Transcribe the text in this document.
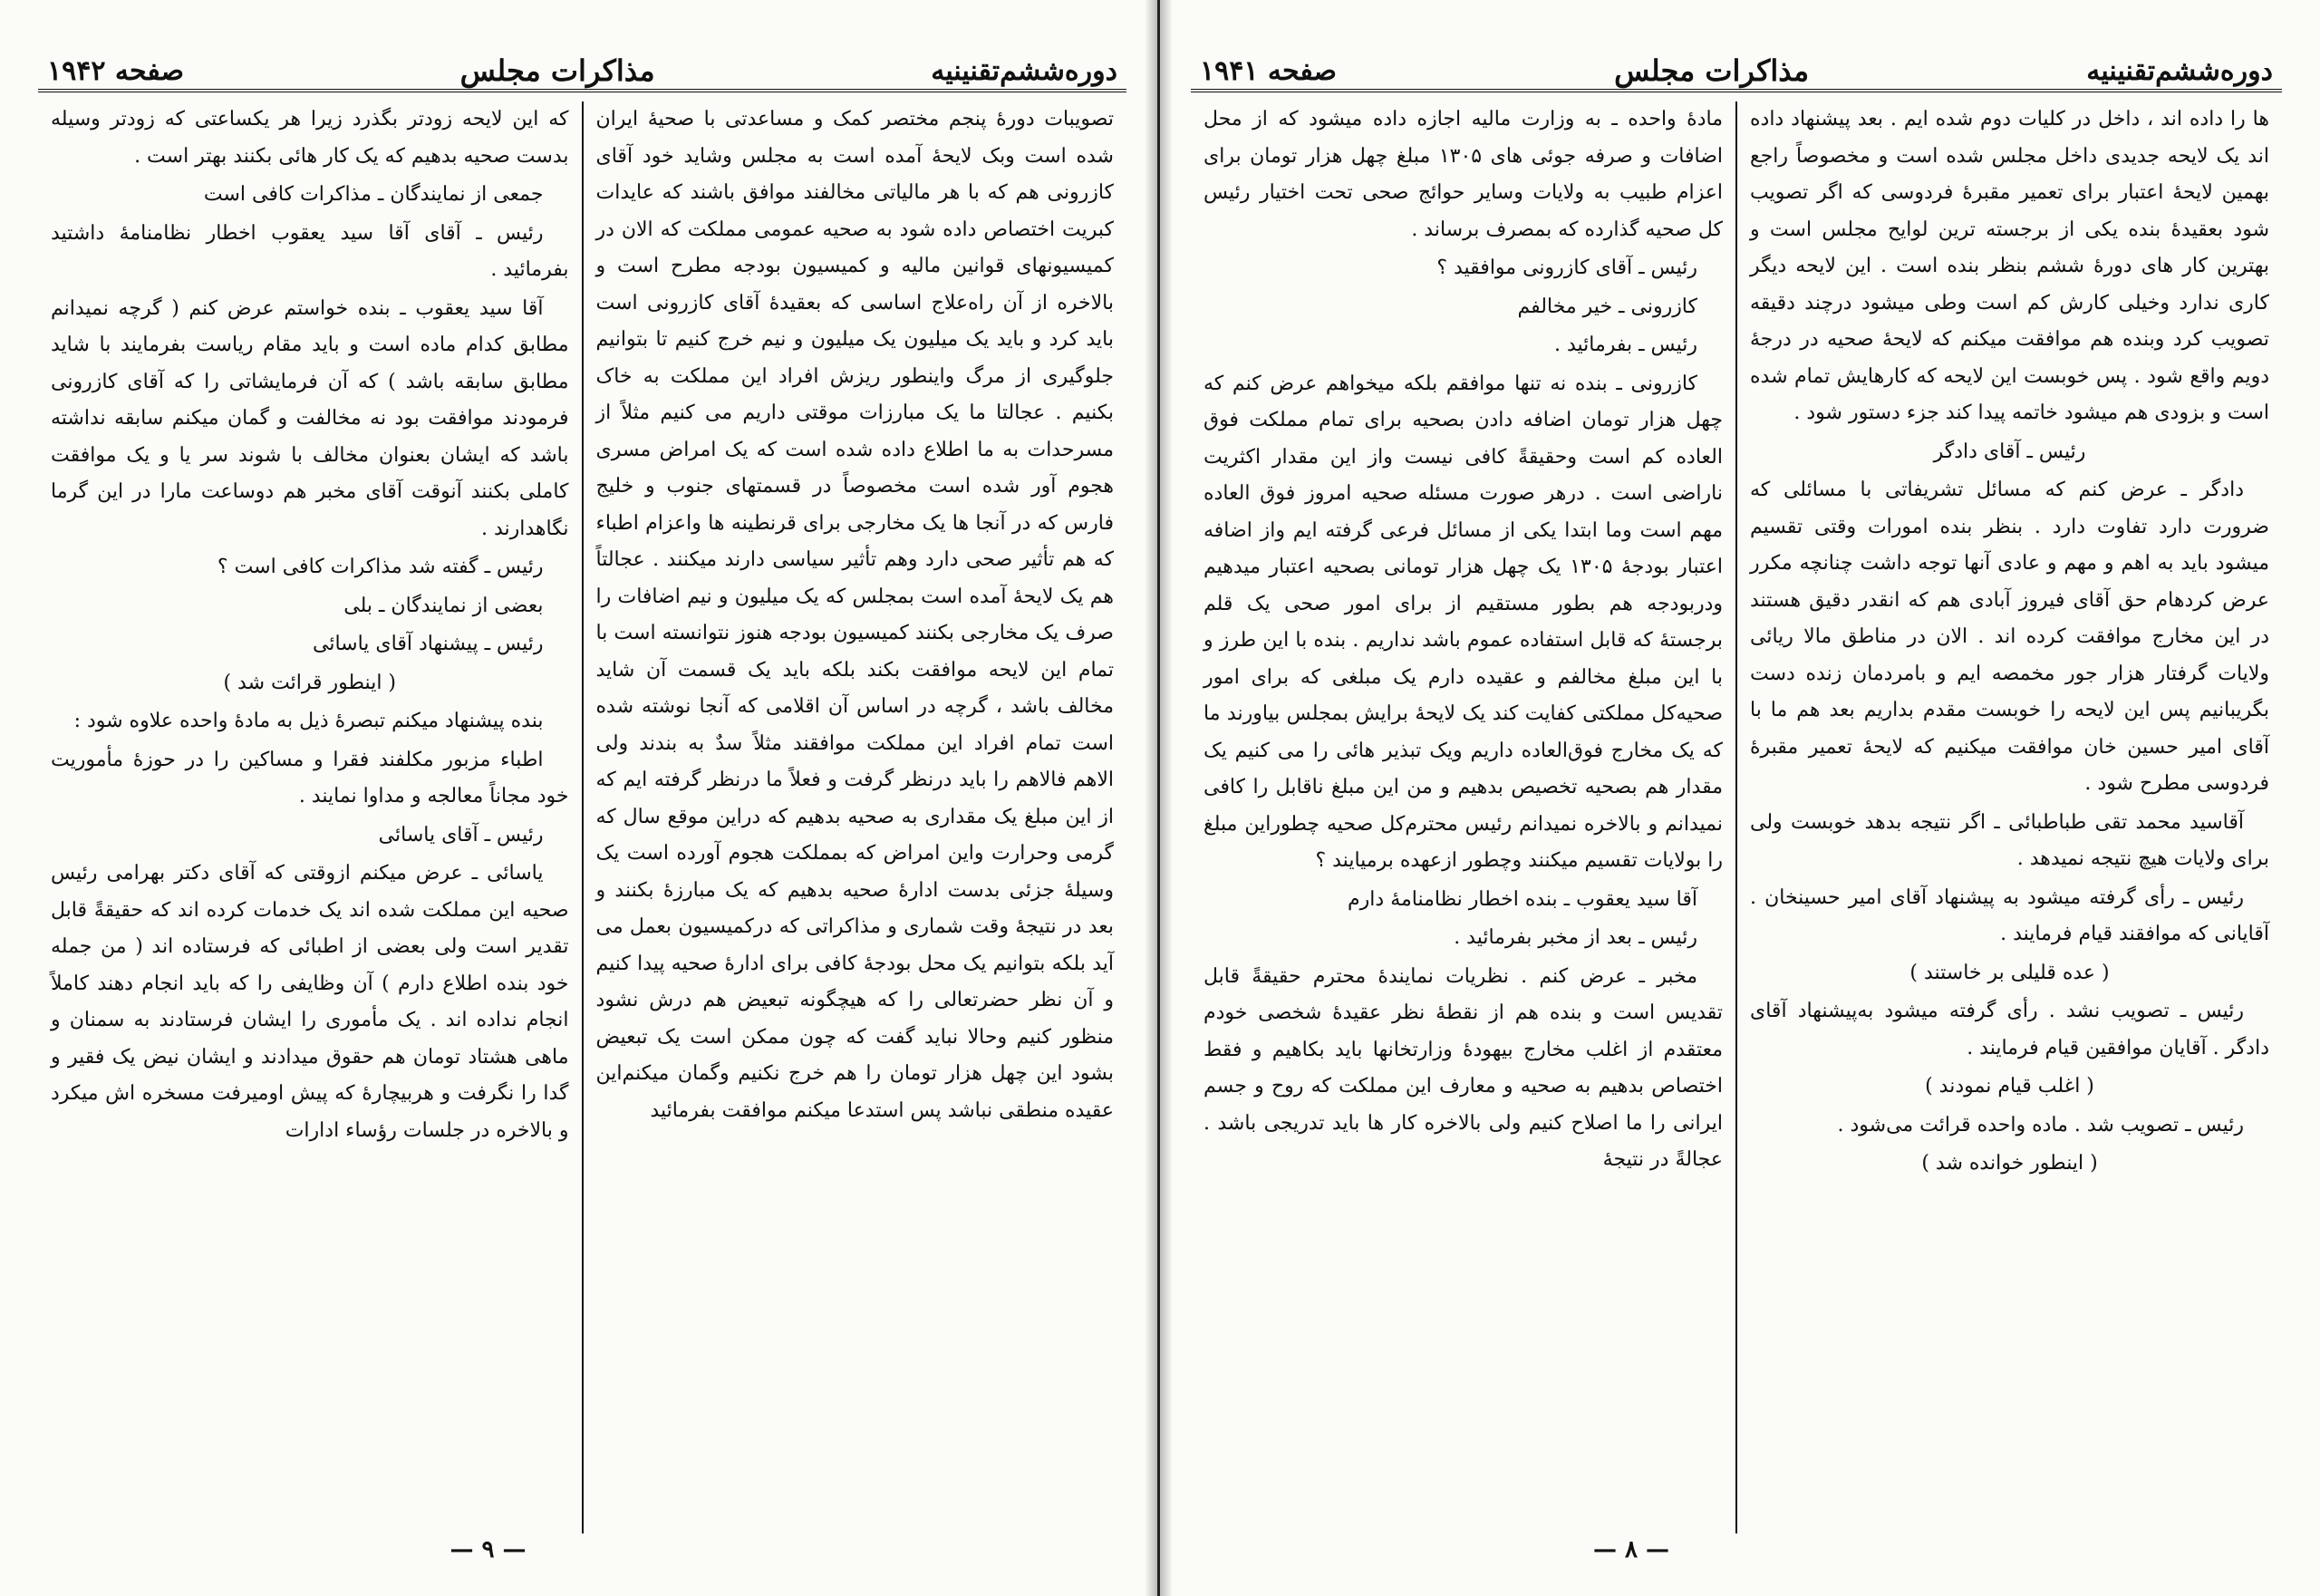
دوره‌ششم‌تقنینیه
مذاکرات مجلس
صفحه ۱۹۴۲

تصویبات دورهٔ پنجم مختصر کمک و مساعدتی با صحیهٔ ایران شده است وبک لایحهٔ آمده است به مجلس وشاید خود آقای کازرونی هم که با هر مالیاتی مخالفند موافق باشند که عایدات کبریت اختصاص داده شود به صحیه عمومی مملکت که الان در کمیسیونهای قوانین مالیه و کمیسیون بودجه مطرح است و بالاخره از آن راه‌علاج اساسی که بعقیدهٔ آقای کازرونی است باید کرد و باید یک میلیون یک میلیون و نیم خرج کنیم تا بتوانیم جلوگیری از مرگ واینطور ریزش افراد این مملکت به خاک بکنیم . عجالتا ما یک مبارزات موقتی داریم می کنیم مثلاً از مسرحدات به ما اطلاع داده شده است که یک امراض مسری هجوم آور شده است مخصوصاً در قسمتهای جنوب و خلیج فارس که در آنجا ها یک مخارجی برای قرنطینه ها واعزام اطباء که هم تأثیر صحی دارد وهم تأثیر سیاسی دارند میکنند . عجالتاً هم یک لایحهٔ آمده است بمجلس که یک میلیون و نیم اضافات را صرف یک مخارجی بکنند کمیسیون بودجه هنوز نتوانسته است با تمام این لایحه موافقت بکند بلکه باید یک قسمت آن شاید مخالف باشد ، گرچه در اساس آن اقلامی که آنجا نوشته شده است تمام افراد این مملکت موافقند مثلاً سدٌ به بندند ولی الاهم فالاهم را باید درنظر گرفت و فعلاً ما درنظر گرفته ایم که از این مبلغ یک مقداری به صحیه بدهیم که دراین موقع سال که گرمی وحرارت واین امراض که بمملکت هجوم آورده است یک وسیلهٔ جزئی بدست ادارهٔ صحیه بدهیم که یک مبارزهٔ بکنند و بعد در نتیجهٔ وقت شماری و مذاکراتی که درکمیسیون بعمل می آید بلکه بتوانیم یک محل بودجهٔ کافی برای ادارهٔ صحیه پیدا کنیم و آن نظر حضرتعالی را که هیچگونه تبعیض هم درش نشود منظور کنیم وحالا نباید گفت که چون ممکن است یک تبعیض بشود این چهل هزار تومان را هم خرج نکنیم وگمان میکنم‌این عقیده منطقی نباشد پس استدعا میکنم موافقت بفرمائید

که این لایحه زودتر بگذرد زیرا هر یکساعتی که زودتر وسیله بدست صحیه بدهیم که یک کار هائی بکنند بهتر است .

جمعی از نمایندگان ـ مذاکرات کافی است

رئیس ـ آقای آقا سید یعقوب اخطار نظامنامهٔ داشتید بفرمائید .

آقا سید یعقوب ـ بنده خواستم عرض کنم ( گرچه نمیدانم مطابق کدام ماده است و باید مقام ریاست بفرمایند با شاید مطابق سابقه باشد ) که آن فرمایشاتی را که آقای کازرونی فرمودند موافقت بود نه مخالفت و گمان میکنم سابقه نداشته باشد که ایشان بعنوان مخالف با شوند سر یا و یک موافقت کاملی بکنند آنوقت آقای مخبر هم دوساعت مارا در این گرما نگاهدارند .

رئیس ـ گفته شد مذاکرات کافی است ؟

بعضی از نمایندگان ـ بلی

رئیس ـ پیشنهاد آقای یاسائی

( اینطور قرائت شد )

بنده پیشنهاد میکنم تبصرهٔ ذیل به مادهٔ واحده علاوه شود :

اطباء مزبور مکلفند فقرا و مساکین را در حوزهٔ مأموریت خود مجاناً معالجه و مداوا نمایند .

رئیس ـ آقای یاسائی

یاسائی ـ عرض میکنم ازوقتی که آقای دکتر بهرامی رئیس صحیه این مملکت شده اند یک خدمات کرده اند که حقیقةً قابل تقدیر است ولی بعضی از اطبائی که فرستاده اند ( من جمله خود بنده اطلاع دارم ) آن وظایفی را که باید انجام دهند کاملاً انجام نداده اند . یک مأموری را ایشان فرستادند به سمنان و ماهی هشتاد تومان هم حقوق میدادند و ایشان نیض یک فقیر و گدا را نگرفت و هربیچارهٔ که پیش اومیرفت مسخره اش میکرد و بالاخره در جلسات رؤساء ادارات

— ۹ —
دوره‌ششم‌تقنینیه
مذاکرات مجلس
صفحه ۱۹۴۱

ها را داده اند ، داخل در کلیات دوم شده ایم . بعد پیشنهاد داده اند یک لایحه جدیدی داخل مجلس شده است و مخصوصاً راجع بهمین لایحهٔ اعتبار برای تعمیر مقبرهٔ فردوسی که اگر تصویب شود بعقیدهٔ بنده یکی از برجسته ترین لوایح مجلس است و بهترین کار های دورهٔ ششم بنظر بنده است . این لایحه دیگر کاری ندارد وخیلی کارش کم است وطی میشود درچند دقیقه تصویب کرد وبنده هم موافقت میکنم که لایحهٔ صحیه در درجهٔ دویم واقع شود . پس خوبست این لایحه که کارهایش تمام شده است و بزودی هم میشود خاتمه پیدا کند جزء دستور شود .

رئیس ـ آقای دادگر

دادگر ـ عرض کنم که مسائل تشریفاتی با مسائلی که ضرورت دارد تفاوت دارد . بنظر بنده امورات وقتی تقسیم میشود باید به اهم و مهم و عادی آنها توجه داشت چنانچه مکرر عرض کردهام حق آقای فیروز آبادی هم که انقدر دقیق هستند در این مخارج موافقت کرده اند . الان در مناطق مالا ریائی ولایات گرفتار هزار جور مخمصه ایم و بامردمان زنده دست بگریبانیم پس این لایحه را خوبست مقدم بداریم بعد هم ما با آقای امیر حسین خان موافقت میکنیم که لایحهٔ تعمیر مقبرهٔ فردوسی مطرح شود .

آقاسید محمد تقی طباطبائی ـ اگر نتیجه بدهد خوبست ولی برای ولایات هیچ نتیجه نمیدهد .

رئیس ـ رأی گرفته میشود به پیشنهاد آقای امیر حسینخان . آقایانی که موافقند قیام فرمایند .

( عده قلیلی بر خاستند )

رئیس ـ تصویب نشد . رأی گرفته میشود به‌پیشنهاد آقای دادگر . آقایان موافقین قیام فرمایند .

( اغلب قیام نمودند )

رئیس ـ تصویب شد . ماده واحده قرائت می‌شود .

( اینطور خوانده شد )

مادهٔ واحده ـ به وزارت مالیه اجازه داده میشود که از محل اضافات و صرفه جوئی های ۱۳۰۵ مبلغ چهل هزار تومان برای اعزام طبیب به ولایات وسایر حوائج صحی تحت اختیار رئیس کل صحیه گذارده که بمصرف برساند .

رئیس ـ آقای کازرونی موافقید ؟

کازرونی ـ خیر مخالفم

رئیس ـ بفرمائید .

کازرونی ـ بنده نه تنها موافقم بلکه میخواهم عرض کنم که چهل هزار تومان اضافه دادن بصحیه برای تمام مملکت فوق العاده کم است وحقیقةً کافی نیست واز این مقدار اکثریت ناراضی است . درهر صورت مسئله صحیه امروز فوق العاده مهم است وما ابتدا یکی از مسائل فرعی گرفته ایم واز اضافه اعتبار بودجهٔ ۱۳۰۵ یک چهل هزار تومانی بصحیه اعتبار میدهیم ودربودجه هم بطور مستقیم از برای امور صحی یک قلم برجستهٔ که قابل استفاده عموم باشد نداریم . بنده با این طرز و با این مبلغ مخالفم و عقیده دارم یک مبلغی که برای امور صحیه‌کل مملکتی کفایت کند یک لایحهٔ برایش بمجلس بیاورند ما که یک مخارج فوق‌العاده داریم ویک تبذیر هائی را می کنیم یک مقدار هم بصحیه تخصیص بدهیم و من این مبلغ ناقابل را کافی نمیدانم و بالاخره نمیدانم رئیس محترم‌کل صحیه چطوراین مبلغ را بولایات تقسیم میکنند وچطور ازعهده برمیایند ؟

آقا سید یعقوب ـ بنده اخطار نظامنامهٔ دارم

رئیس ـ بعد از مخبر بفرمائید .

مخبر ـ عرض کنم . نظریات نمایندهٔ محترم حقیقةً قابل تقدیس است و بنده هم از نقطهٔ نظر عقیدهٔ شخصی خودم معتقدم از اغلب مخارج بیهودهٔ وزارتخانها باید بکاهیم و فقط اختصاص بدهیم به صحیه و معارف این مملکت که روح و جسم ایرانی را ما اصلاح کنیم ولی بالاخره کار ها باید تدریجی باشد . عجالةً در نتیجهٔ

— ۸ —
